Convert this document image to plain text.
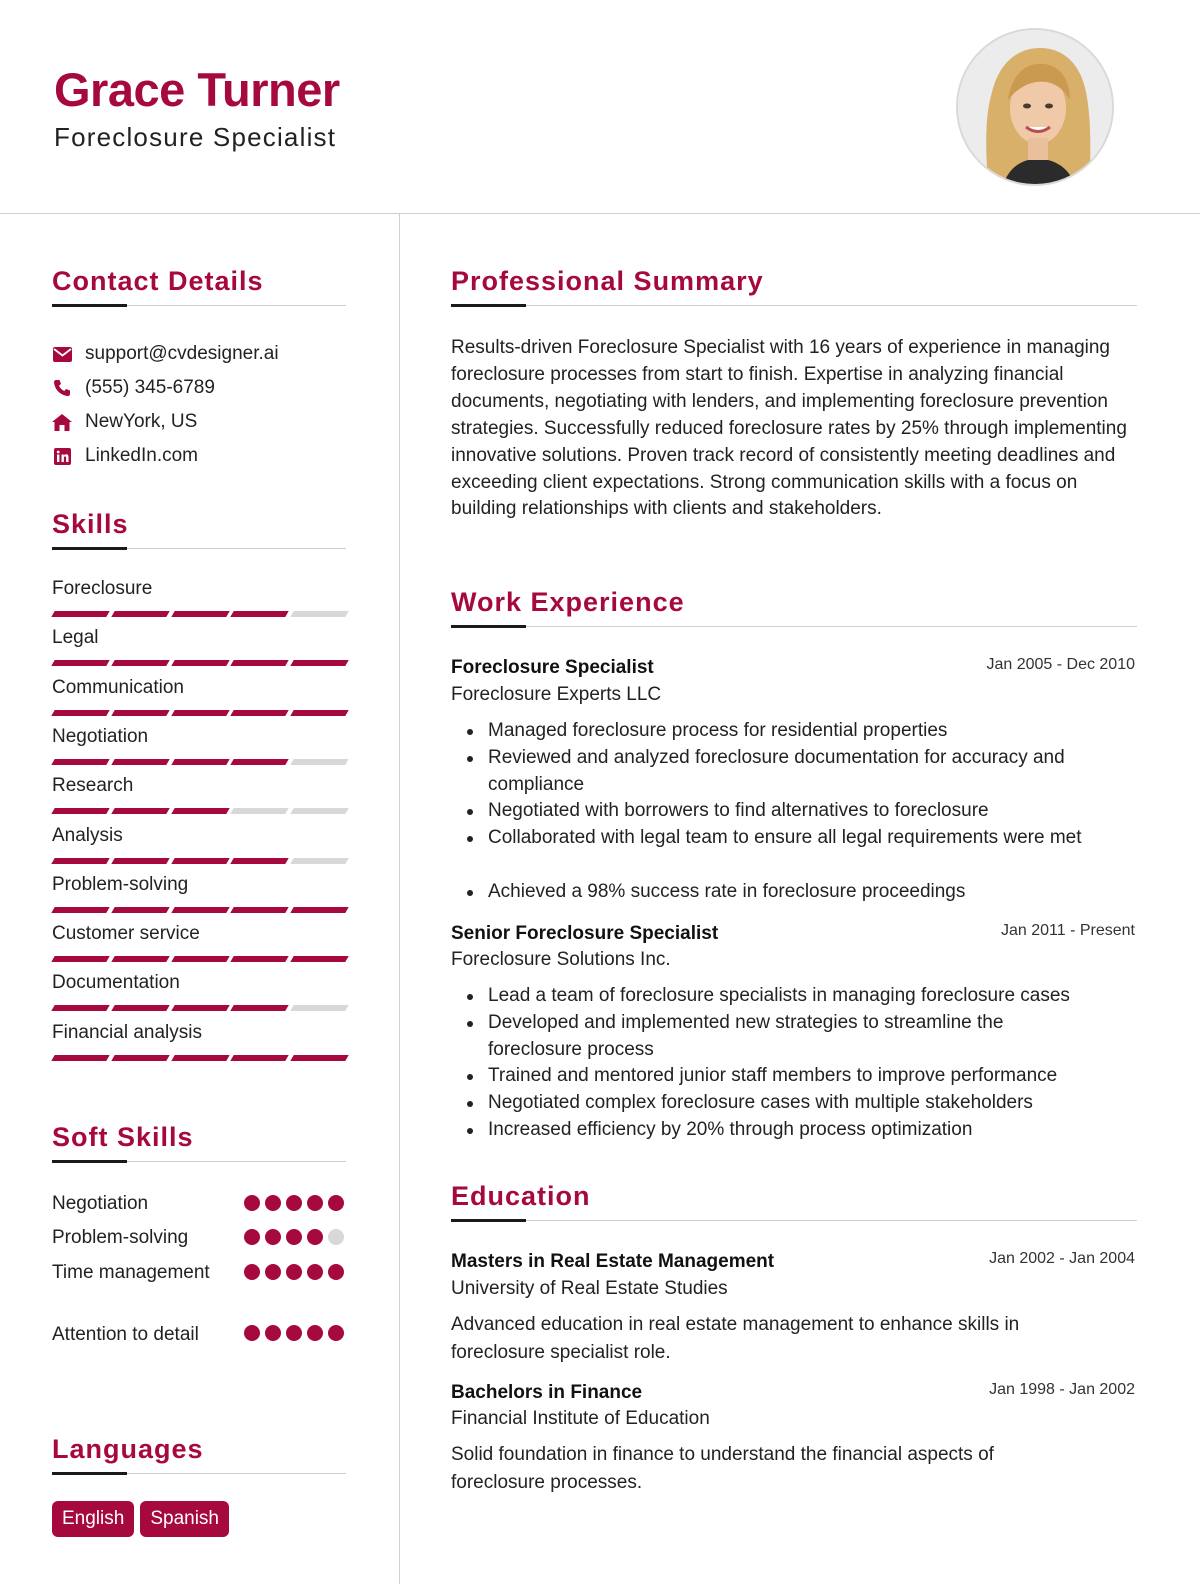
Grace Turner
Foreclosure Specialist
Contact Details
support@cvdesigner.ai
(555) 345-6789
NewYork, US
LinkedIn.com
Skills
Foreclosure
Legal
Communication
Negotiation
Research
Analysis
Problem-solving
Customer service
Documentation
Financial analysis
Soft Skills
Negotiation
Problem-solving
Time management
Attention to detail
Languages
English	Spanish
Professional Summary
Results-driven Foreclosure Specialist with 16 years of experience in managing foreclosure processes from start to finish. Expertise in analyzing financial documents, negotiating with lenders, and implementing foreclosure prevention strategies. Successfully reduced foreclosure rates by 25% through implementing innovative solutions. Proven track record of consistently meeting deadlines and exceeding client expectations. Strong communication skills with a focus on building relationships with clients and stakeholders.
Work Experience
Foreclosure Specialist	Jan 2005 - Dec 2010
Foreclosure Experts LLC
Managed foreclosure process for residential properties
Reviewed and analyzed foreclosure documentation for accuracy and compliance
Negotiated with borrowers to find alternatives to foreclosure
Collaborated with legal team to ensure all legal requirements were met
Achieved a 98% success rate in foreclosure proceedings
Senior Foreclosure Specialist	Jan 2011 - Present
Foreclosure Solutions Inc.
Lead a team of foreclosure specialists in managing foreclosure cases
Developed and implemented new strategies to streamline the foreclosure process
Trained and mentored junior staff members to improve performance
Negotiated complex foreclosure cases with multiple stakeholders
Increased efficiency by 20% through process optimization
Education
Masters in Real Estate Management	Jan 2002 - Jan 2004
University of Real Estate Studies
Advanced education in real estate management to enhance skills in foreclosure specialist role.
Bachelors in Finance	Jan 1998 - Jan 2002
Financial Institute of Education
Solid foundation in finance to understand the financial aspects of foreclosure processes.
